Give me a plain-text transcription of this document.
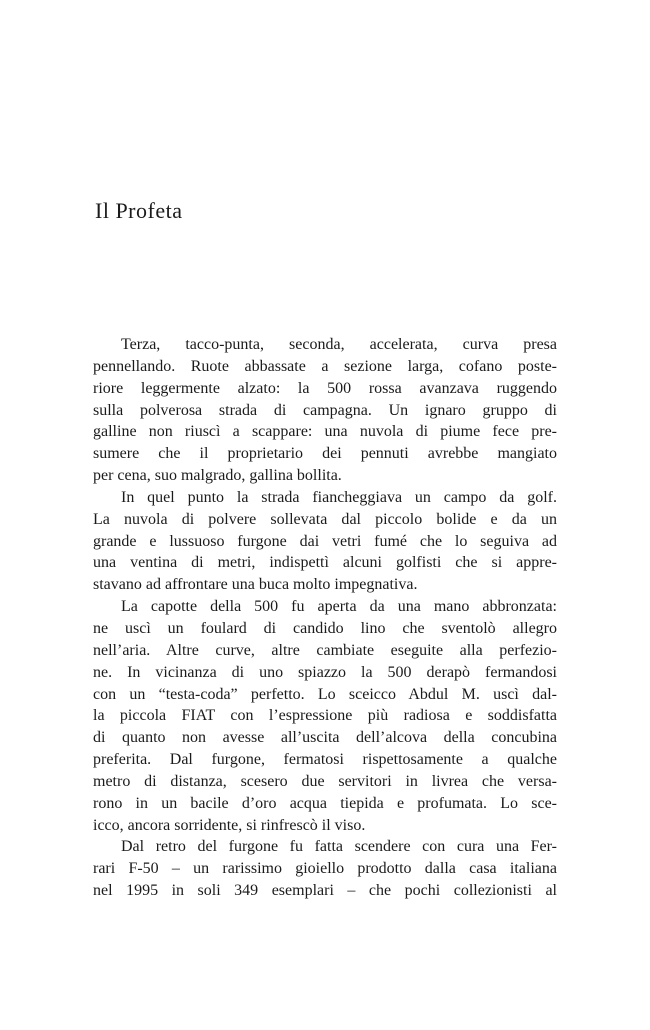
Il Profeta
Terza, tacco-punta, seconda, accelerata, curva presa
pennellando. Ruote abbassate a sezione larga, cofano poste-
riore leggermente alzato: la 500 rossa avanzava ruggendo
sulla polverosa strada di campagna. Un ignaro gruppo di
galline non riuscì a scappare: una nuvola di piume fece pre-
sumere che il proprietario dei pennuti avrebbe mangiato
per cena, suo malgrado, gallina bollita.
In quel punto la strada fiancheggiava un campo da golf.
La nuvola di polvere sollevata dal piccolo bolide e da un
grande e lussuoso furgone dai vetri fumé che lo seguiva ad
una ventina di metri, indispettì alcuni golfisti che si appre-
stavano ad affrontare una buca molto impegnativa.
La capotte della 500 fu aperta da una mano abbronzata:
ne uscì un foulard di candido lino che sventolò allegro
nell’aria. Altre curve, altre cambiate eseguite alla perfezio-
ne. In vicinanza di uno spiazzo la 500 derapò fermandosi
con un “testa-coda” perfetto. Lo sceicco Abdul M. uscì dal-
la piccola FIAT con l’espressione più radiosa e soddisfatta
di quanto non avesse all’uscita dell’alcova della concubina
preferita. Dal furgone, fermatosi rispettosamente a qualche
metro di distanza, scesero due servitori in livrea che versa-
rono in un bacile d’oro acqua tiepida e profumata. Lo sce-
icco, ancora sorridente, si rinfrescò il viso.
Dal retro del furgone fu fatta scendere con cura una Fer-
rari F-50 – un rarissimo gioiello prodotto dalla casa italiana
nel 1995 in soli 349 esemplari – che pochi collezionisti al
